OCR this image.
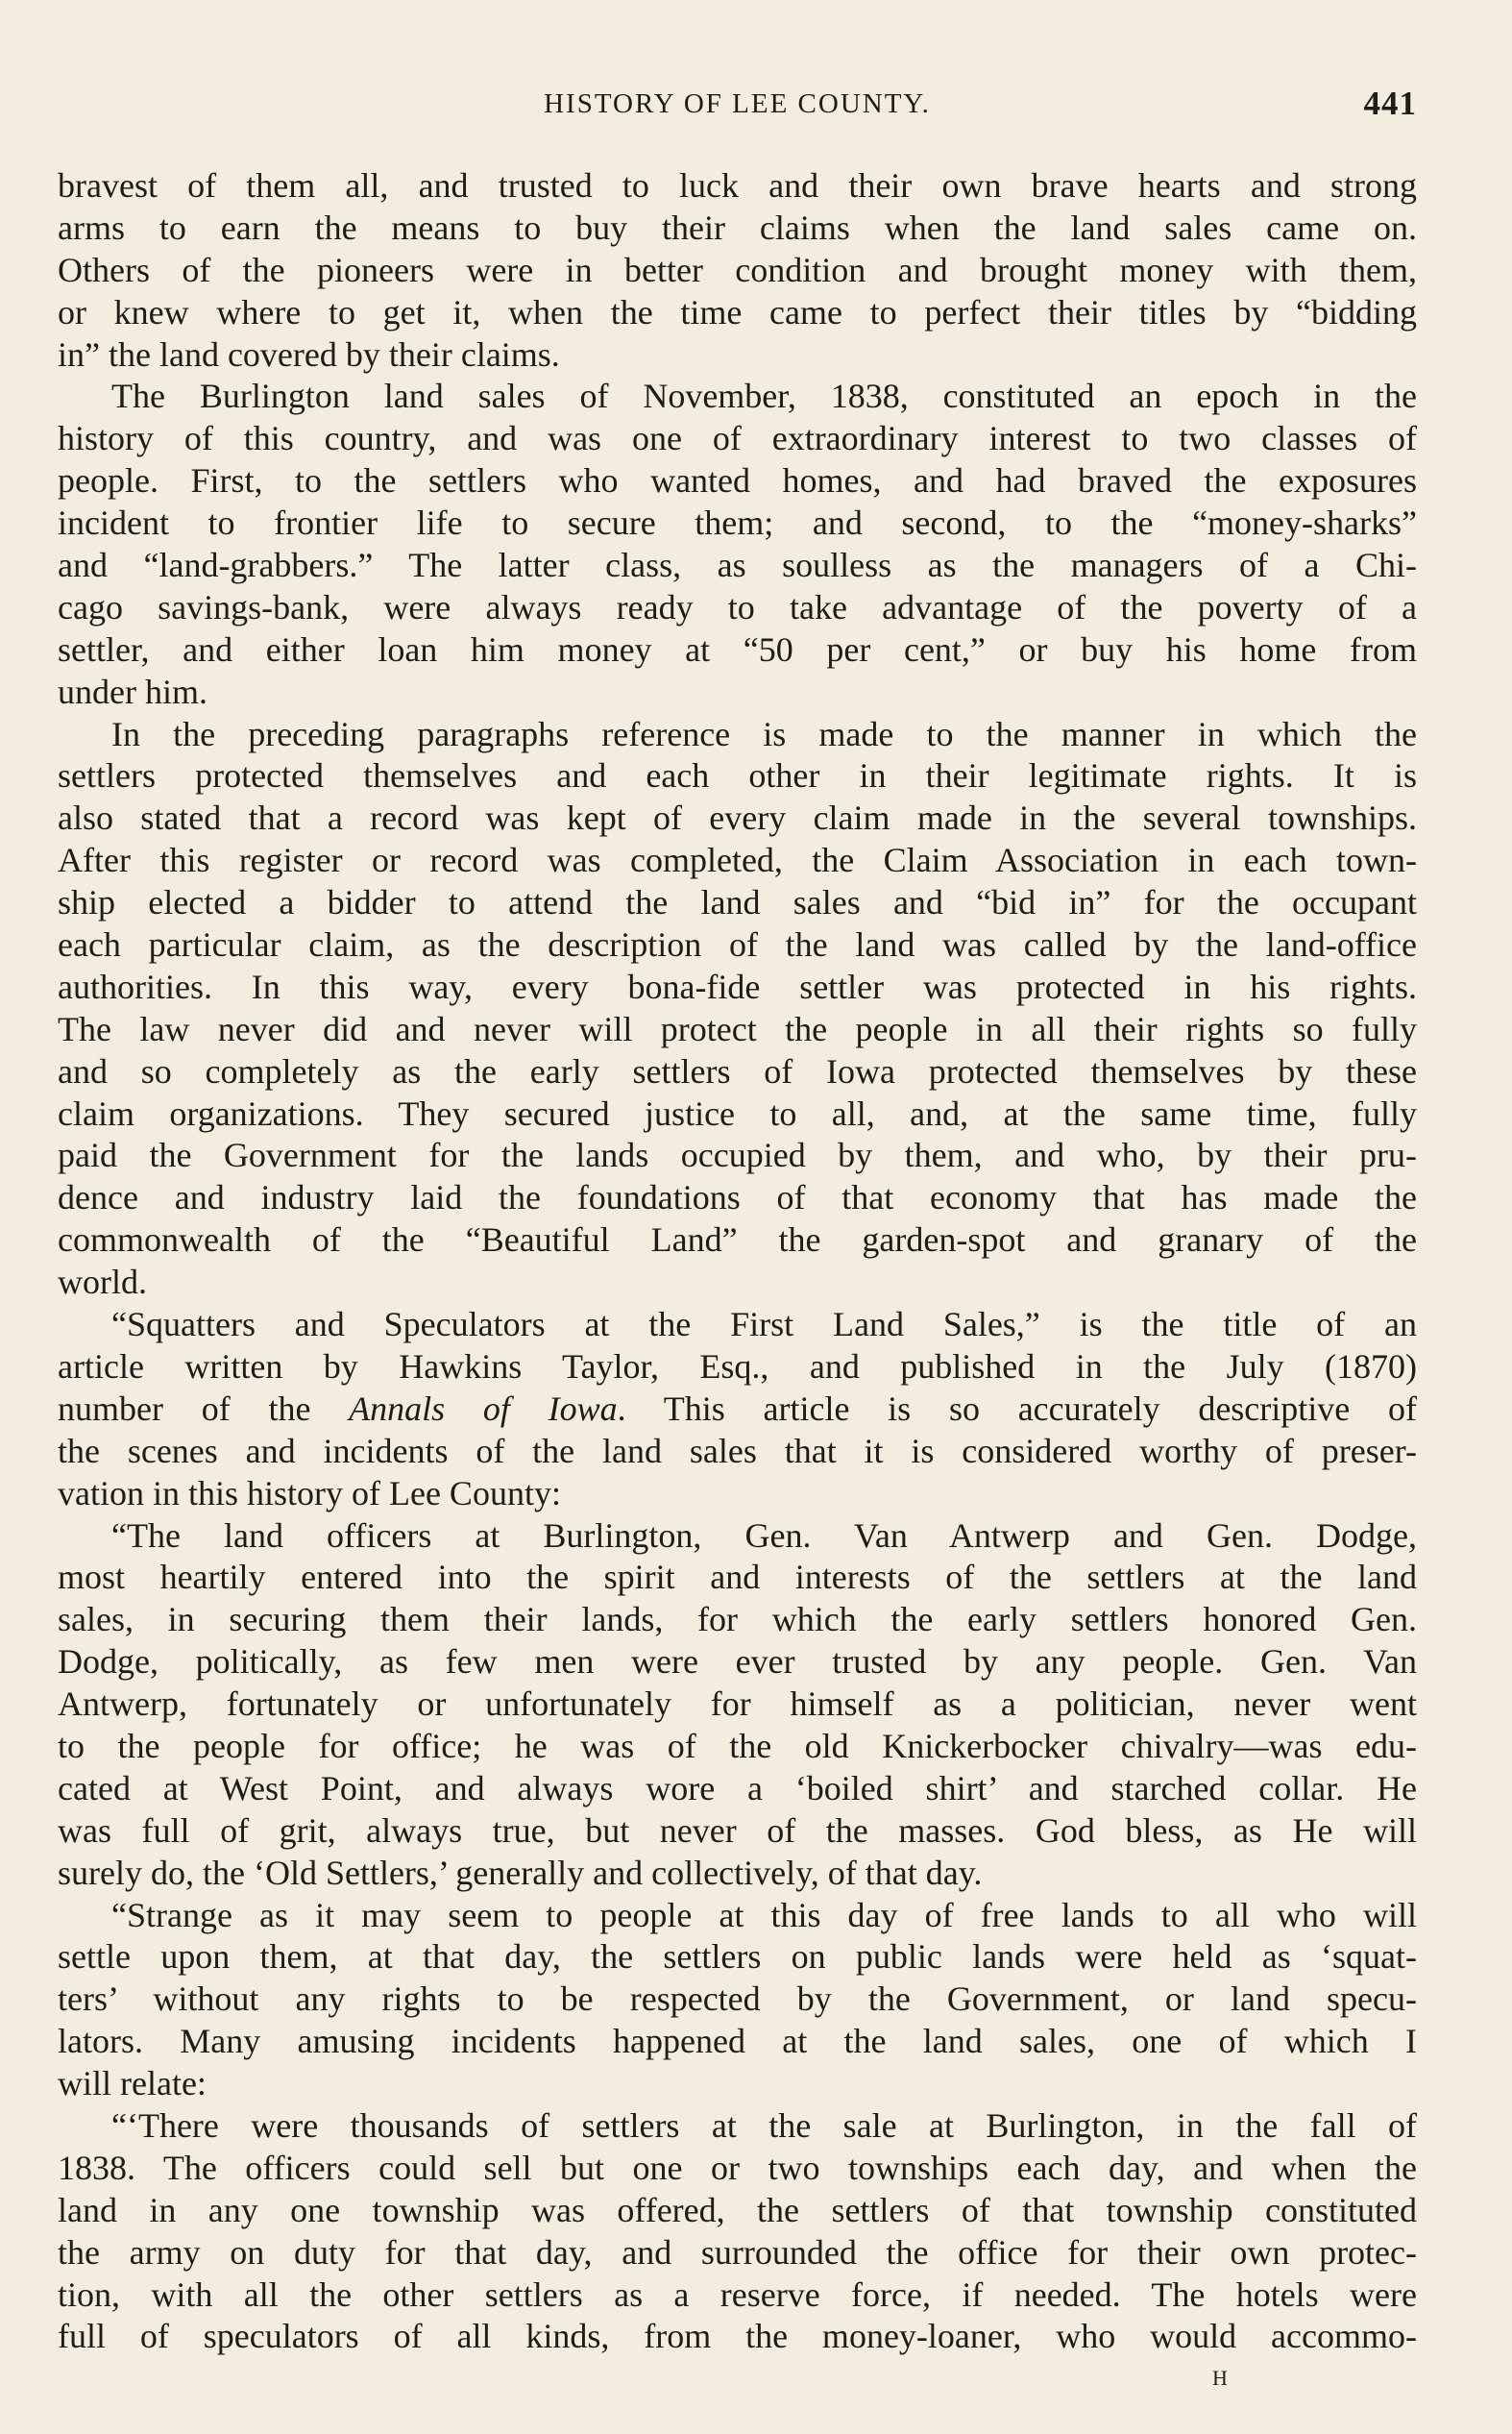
HISTORY OF LEE COUNTY.	441
bravest of them all, and trusted to luck and their own brave hearts and strong
arms to earn the means to buy their claims when the land sales came on.
Others of the pioneers were in better condition and brought money with them,
or knew where to get it, when the time came to perfect their titles by “bidding
in” the land covered by their claims.
The Burlington land sales of November, 1838, constituted an epoch in the
history of this country, and was one of extraordinary interest to two classes of
people. First, to the settlers who wanted homes, and had braved the exposures
incident to frontier life to secure them; and second, to the “money-sharks”
and “land-grabbers.” The latter class, as soulless as the managers of a Chi-
cago savings-bank, were always ready to take advantage of the poverty of a
settler, and either loan him money at “50 per cent,” or buy his home from
under him.
In the preceding paragraphs reference is made to the manner in which the
settlers protected themselves and each other in their legitimate rights. It is
also stated that a record was kept of every claim made in the several townships.
After this register or record was completed, the Claim Association in each town-
ship elected a bidder to attend the land sales and “bid in” for the occupant
each particular claim, as the description of the land was called by the land-office
authorities. In this way, every bona-fide settler was protected in his rights.
The law never did and never will protect the people in all their rights so fully
and so completely as the early settlers of Iowa protected themselves by these
claim organizations. They secured justice to all, and, at the same time, fully
paid the Government for the lands occupied by them, and who, by their pru-
dence and industry laid the foundations of that economy that has made the
commonwealth of the “Beautiful Land” the garden-spot and granary of the
world.
“Squatters and Speculators at the First Land Sales,” is the title of an
article written by Hawkins Taylor, Esq., and published in the July (1870)
number of the Annals of Iowa. This article is so accurately descriptive of
the scenes and incidents of the land sales that it is considered worthy of preser-
vation in this history of Lee County:
“The land officers at Burlington, Gen. Van Antwerp and Gen. Dodge,
most heartily entered into the spirit and interests of the settlers at the land
sales, in securing them their lands, for which the early settlers honored Gen.
Dodge, politically, as few men were ever trusted by any people. Gen. Van
Antwerp, fortunately or unfortunately for himself as a politician, never went
to the people for office; he was of the old Knickerbocker chivalry—was edu-
cated at West Point, and always wore a ‘boiled shirt’ and starched collar. He
was full of grit, always true, but never of the masses. God bless, as He will
surely do, the ‘Old Settlers,’ generally and collectively, of that day.
“Strange as it may seem to people at this day of free lands to all who will
settle upon them, at that day, the settlers on public lands were held as ‘squat-
ters’ without any rights to be respected by the Government, or land specu-
lators. Many amusing incidents happened at the land sales, one of which I
will relate:
“‘There were thousands of settlers at the sale at Burlington, in the fall of
1838. The officers could sell but one or two townships each day, and when the
land in any one township was offered, the settlers of that township constituted
the army on duty for that day, and surrounded the office for their own protec-
tion, with all the other settlers as a reserve force, if needed. The hotels were
full of speculators of all kinds, from the money-loaner, who would accommo-
H
